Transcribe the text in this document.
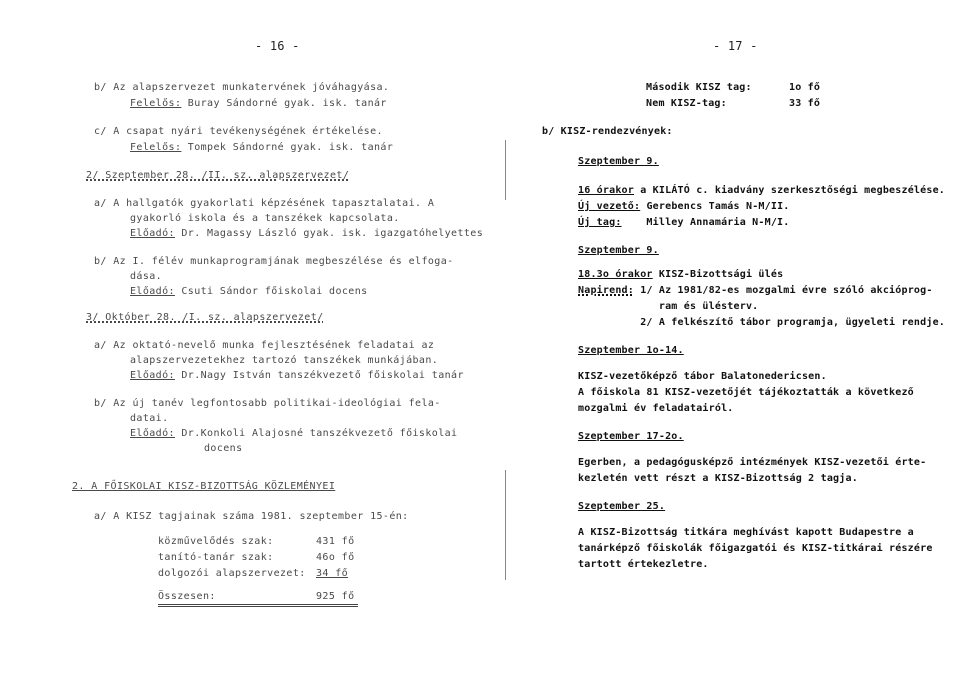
- 16 -
b/ Az alapszervezet munkatervének jóváhagyása.
Felelős: Buray Sándorné gyak. isk. tanár
c/ A csapat nyári tevékenységének értékelése.
Felelős: Tompek Sándorné gyak. isk. tanár
2/ Szeptember 28. /II. sz. alapszervezet/
a/ A hallgatók gyakorlati képzésének tapasztalatai. A
gyakorló iskola és a tanszékek kapcsolata.
Előadó: Dr. Magassy László gyak. isk. igazgatóhelyettes
b/ Az I. félév munkaprogramjának megbeszélése és elfoga-
dása.
Előadó: Csuti Sándor főiskolai docens
3/ Október 28. /I. sz. alapszervezet/
a/ Az oktató-nevelő munka fejlesztésének feladatai az
alapszervezetekhez tartozó tanszékek munkájában.
Előadó: Dr.Nagy István tanszékvezető főiskolai tanár
b/ Az új tanév legfontosabb politikai-ideológiai fela-
datai.
Előadó: Dr.Konkoli Alajosné tanszékvezető főiskolai
docens
2. A FŐISKOLAI KISZ-BIZOTTSÁG KÖZLEMÉNYEI
a/ A KISZ tagjainak száma 1981. szeptember 15-én:
közművelődés szak:	431 fő
tanító-tanár szak:	46o fő
dolgozói alapszervezet: 34 fő
Összesen:	925 fő
- 17 -
Második KISZ tag:	1o fő
Nem KISZ-tag:	33 fő
b/ KISZ-rendezvények:
Szeptember 9.
16 órakor a KILÁTÓ c. kiadvány szerkesztőségi megbeszélése.
Új vezető: Gerebencs Tamás N-M/II.
Új tag:    Milley Annamária N-M/I.
Szeptember 9.
18.3o órakor KISZ-Bizottsági ülés
Napirend: 1/ Az 1981/82-es mozgalmi évre szóló akcióprog-
ram és ülésterv.
2/ A felkészítő tábor programja, ügyeleti rendje.
Szeptember 1o-14.
KISZ-vezetőképző tábor Balatonedericsen.
A főiskola 81 KISZ-vezetőjét tájékoztatták a következő
mozgalmi év feladatairól.
Szeptember 17-2o.
Egerben, a pedagógusképző intézmények KISZ-vezetői érte-
kezletén vett részt a KISZ-Bizottság 2 tagja.
Szeptember 25.
A KISZ-Bizottság titkára meghívást kapott Budapestre a
tanárképző főiskolák főigazgatói és KISZ-titkárai részére
tartott értekezletre.
